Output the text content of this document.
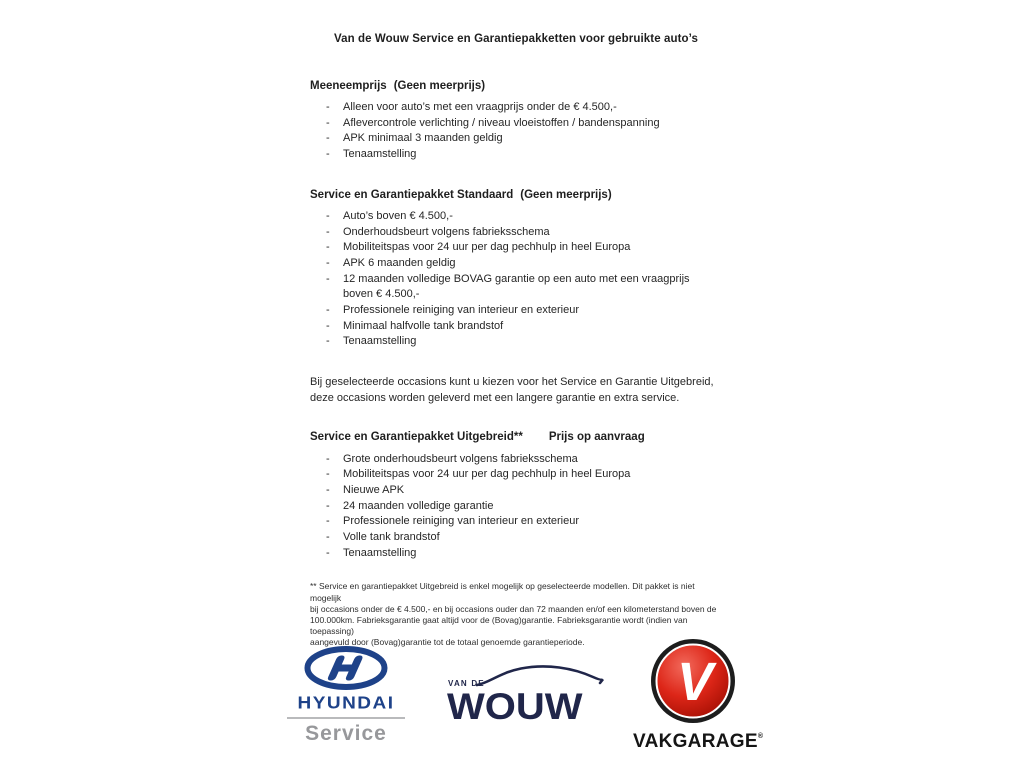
Van de Wouw Service en Garantiepakketten voor gebruikte auto’s
Meeneemprijs (Geen meerprijs)
-	Alleen voor auto’s met een vraagprijs onder de € 4.500,-
-	Aflevercontrole verlichting / niveau vloeistoffen / bandenspanning
-	APK minimaal 3 maanden geldig
-	Tenaamstelling
Service en Garantiepakket Standaard (Geen meerprijs)
-	Auto’s boven € 4.500,-
-	Onderhoudsbeurt volgens fabrieksschema
-	Mobiliteitspas voor 24 uur per dag pechhulp in heel Europa
-	APK 6 maanden geldig
-	12 maanden volledige BOVAG garantie op een auto met een vraagprijs boven € 4.500,-
-	Professionele reiniging van interieur en exterieur
-	Minimaal halfvolle tank brandstof
-	Tenaamstelling
Bij geselecteerde occasions kunt u kiezen voor het Service en Garantie Uitgebreid,
deze occasions worden geleverd met een langere garantie en extra service.
Service en Garantiepakket Uitgebreid** Prijs op aanvraag
-	Grote onderhoudsbeurt volgens fabrieksschema
-	Mobiliteitspas voor 24 uur per dag pechhulp in heel Europa
-	Nieuwe APK
-	24 maanden volledige garantie
-	Professionele reiniging van interieur en exterieur
-	Volle tank brandstof
-	Tenaamstelling
** Service en garantiepakket Uitgebreid is enkel mogelijk op geselecteerde modellen. Dit pakket is niet mogelijk
bij occasions onder de € 4.500,- en bij occasions ouder dan 72 maanden en/of een kilometerstand boven de
100.000km. Fabrieksgarantie gaat altijd voor de (Bovag)garantie. Fabrieksgarantie wordt (indien van toepassing)
aangevuld door (Bovag)garantie tot de totaal genoemde garantieperiode.
HYUNDAI
Service
VAN DE
WOUW V
VAKGARAGE®
